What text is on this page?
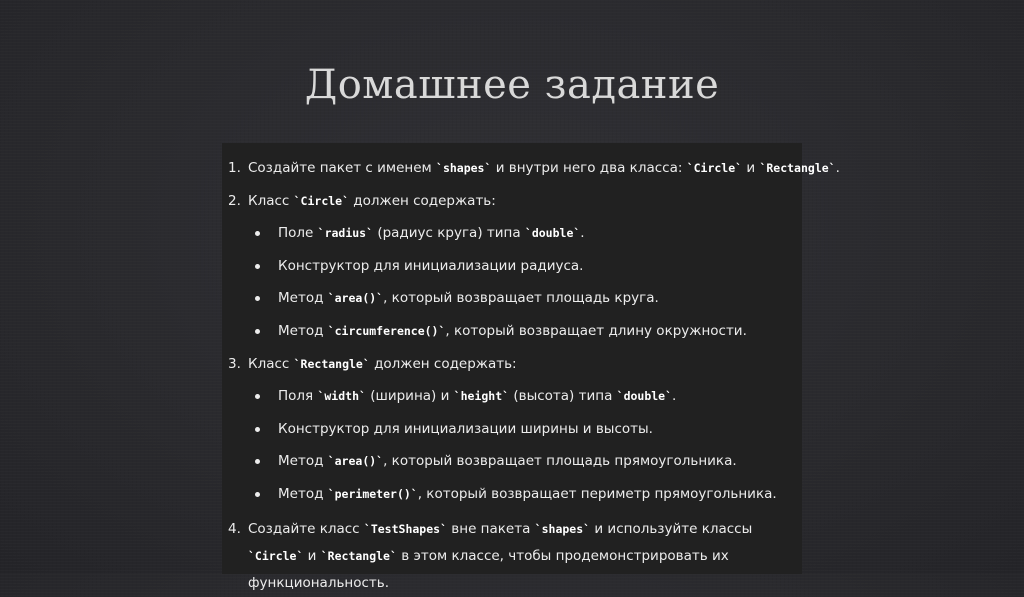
Домашнее задание
1. Создайте пакет с именем `shapes` и внутри него два класса: `Circle` и `Rectangle`.
2. Класс `Circle` должен содержать:
Поле `radius` (радиус круга) типа `double`.
Конструктор для инициализации радиуса.
Метод `area()`, который возвращает площадь круга.
Метод `circumference()`, который возвращает длину окружности.
3. Класс `Rectangle` должен содержать:
Поля `width` (ширина) и `height` (высота) типа `double`.
Конструктор для инициализации ширины и высоты.
Метод `area()`, который возвращает площадь прямоугольника.
Метод `perimeter()`, который возвращает периметр прямоугольника.
4. Создайте класс `TestShapes` вне пакета `shapes` и используйте классы `Circle` и `Rectangle` в этом классе, чтобы продемонстрировать их функциональность.
